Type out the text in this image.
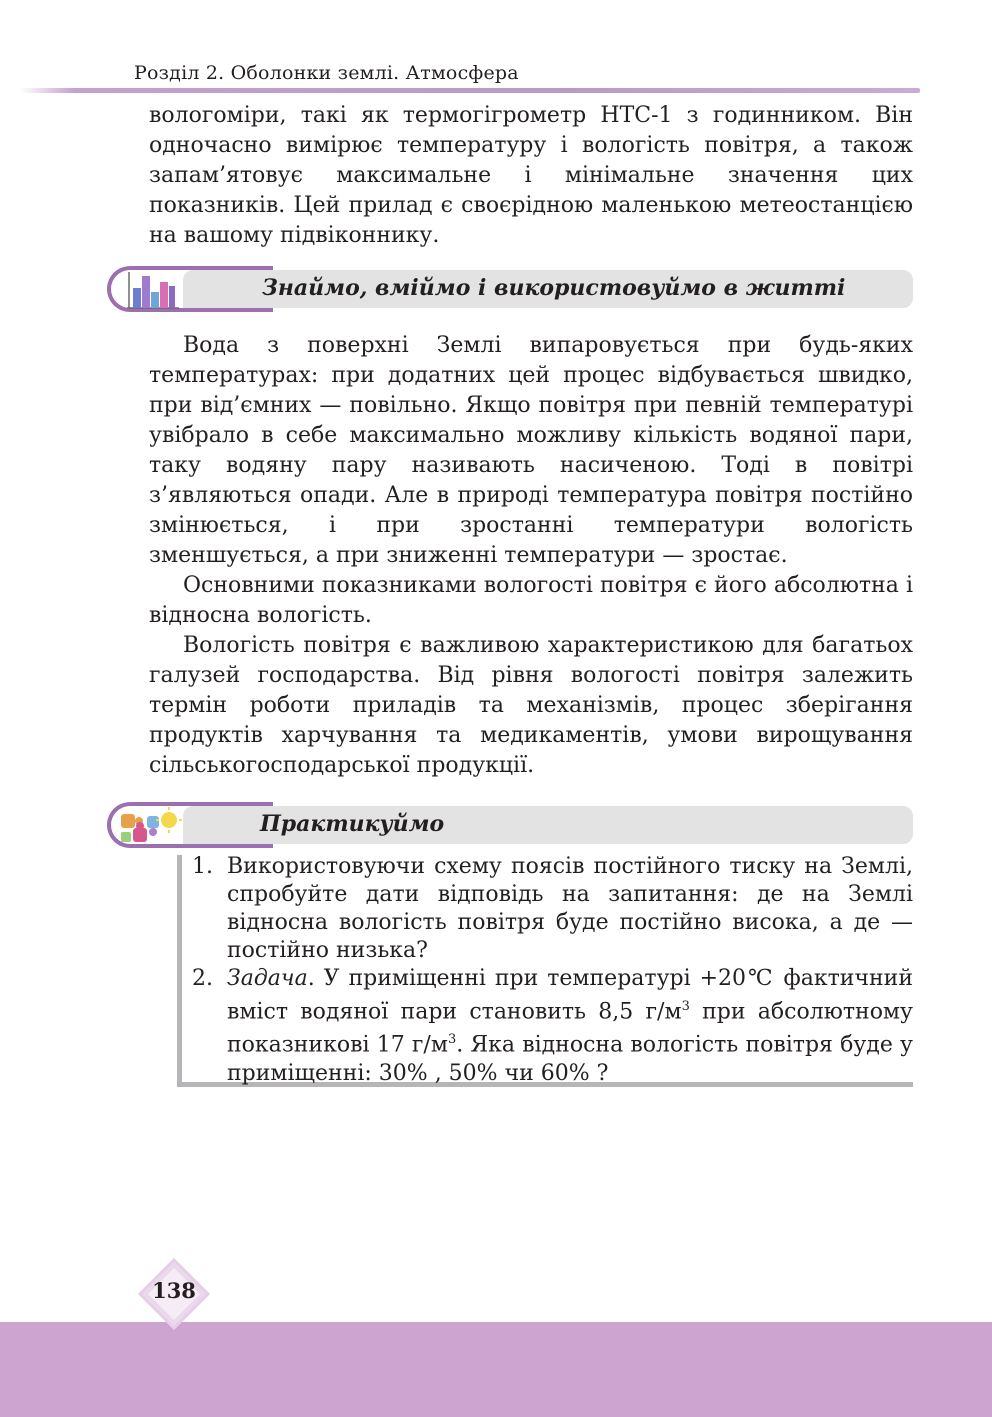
Розділ 2. Оболонки землі. Атмосфера

вологоміри, такі як термогігрометр НТС-1 з годинником. Він одночасно вимірює температуру і вологість повітря, а також запам’ятовує максимальне і мінімальне значення цих показників. Цей прилад є своєрідною маленькою метеостанцією на вашому підвіконнику.

Знаймо, вміймо і використовуймо в житті

Вода з поверхні Землі випаровується при будь-яких температурах: при додатних цей процес відбувається швидко, при від’ємних — повільно. Якщо повітря при певній температурі увібрало в себе максимально можливу кількість водяної пари, таку водяну пару називають насиченою. Тоді в повітрі з’являються опади. Але в природі температура повітря постійно змінюється, і при зростанні температури вологість зменшується, а при зниженні температури — зростає.

Основними показниками вологості повітря є його абсолютна і відносна вологість.

Вологість повітря є важливою характеристикою для багатьох галузей господарства. Від рівня вологості повітря залежить термін роботи приладів та механізмів, процес зберігання продуктів харчування та медикаментів, умови вирощування сільськогосподарської продукції.

Практикуймо
1. Використовуючи схему поясів постійного тиску на Землі, спробуйте дати відповідь на запитання: де на Землі відносна вологість повітря буде постійно висока, а де — постійно низька?
2. Задача. У приміщенні при температурі +20℃ фактичний вміст водяної пари становить 8,5 $г/м^3$ при абсолютному показникові 17 $г/м^3$. Яка відносна вологість повітря буде у приміщенні: 30% , 50% чи 60% ?
138
